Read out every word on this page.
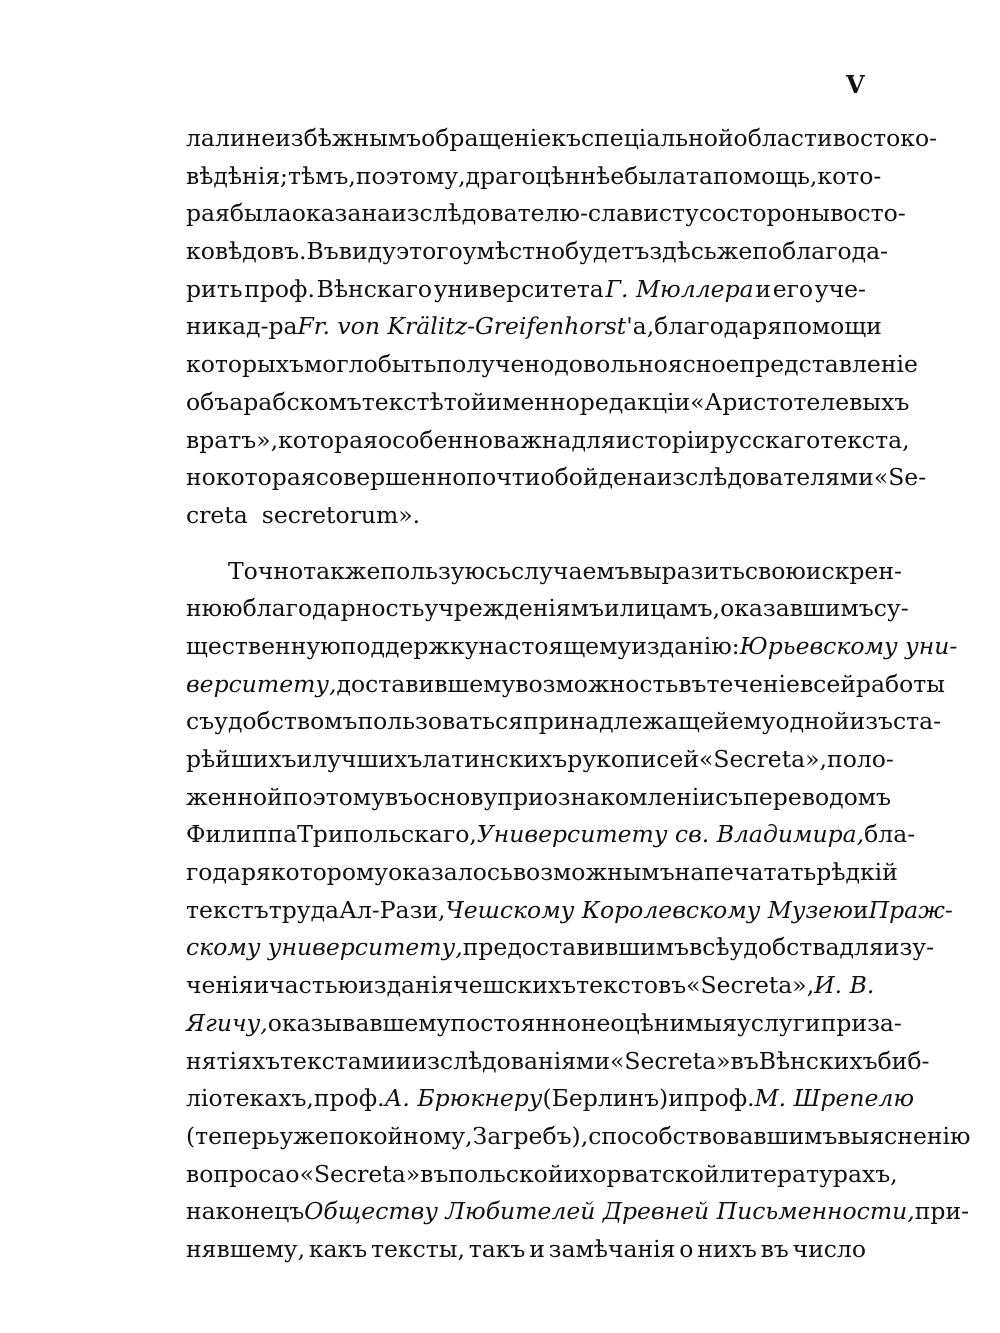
V
лали неизбѣжнымъ обращеніе къ спеціальной области востоко-
вѣдѣнія; тѣмъ, поэтому, драгоцѣннѣе была та помощь, кото-
рая была оказана изслѣдователю-слависту со стороны восто-
ковѣдовъ. Въ виду этого умѣстно будетъ здѣсь же поблагода-
рить проф. Вѣнскаго университета Г. Мюллера и его уче-
ника д-ра Fr. von Krälitz-Greifenhorst 'а, благодаря помощи
которыхъ могло быть получено довольно ясное представленіе
объ арабскомъ текстѣ той именно редакціи «Аристотелевыхъ
вратъ», которая особенно важна для исторіи русскаго текста,
но которая совершенно почти обойдена изслѣдователями «Se-
creta secretorum».
Точно также пользуюсь случаемъ выразить свою искрен-
нюю благодарность учрежденіямъ и лицамъ, оказавшимъ су-
щественную поддержку настоящему изданію: Юрьевскому уни-
верситету, доставившему возможность въ теченіе всей работы
съ удобствомъ пользоваться принадлежащей ему одной изъ ста-
рѣйшихъ и лучшихъ латинскихъ рукописей «Secreta», поло-
женной поэтому въ основу при ознакомленіи съ переводомъ
Филиппа Трипольскаго, Университету св. Владимира, бла-
годаря которому оказалось возможнымъ напечатать рѣдкій
текстъ труда Ал-Рази, Чешскому Королевскому Музею и Праж-
скому университету, предоставившимъ всѣ удобства для изу-
ченія и частью изданія чешскихъ текстовъ «Secreta», И. В.
Ягичу, оказывавшему постоянно неоцѣнимыя услуги при за-
нятіяхъ текстами и изслѣдованіями «Secreta» въ Вѣнскихъ биб-
ліотекахъ, проф. А. Брюкнеру (Берлинъ) и проф. М. Шрепелю
(теперь уже покойному, Загребъ), способствовавшимъ выясненію
вопроса о «Secreta» въ польской и хорватской литературахъ,
наконецъ Обществу Любителей Древней Письменности, при-
нявшему, какъ тексты, такъ и замѣчанія о нихъ въ число
